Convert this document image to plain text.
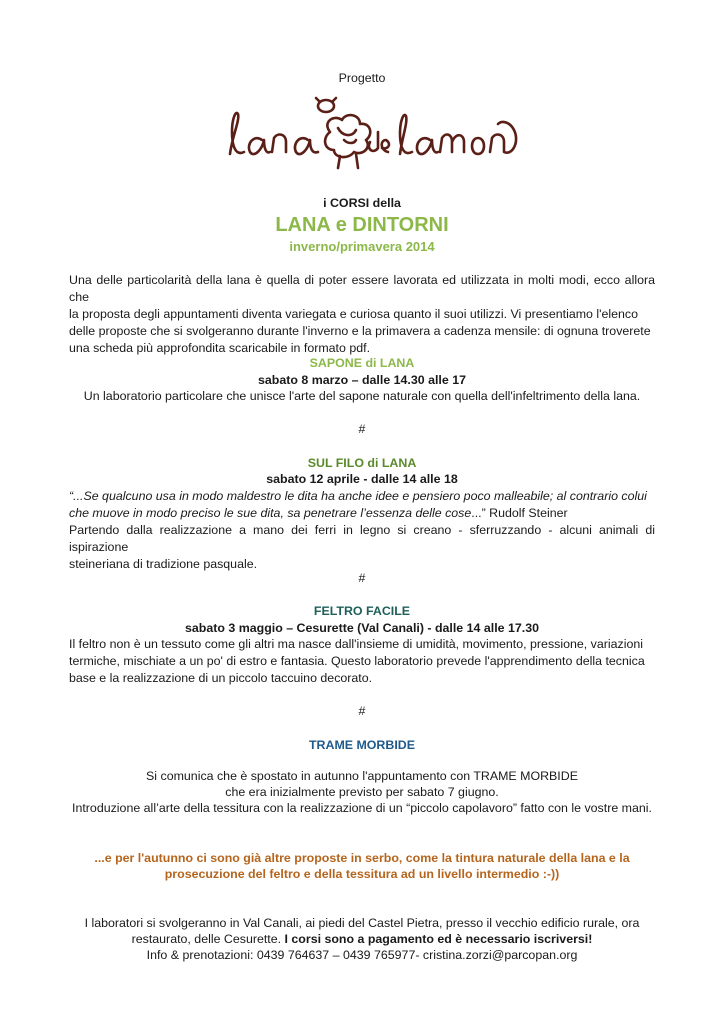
Progetto
i CORSI della
LANA e DINTORNI
inverno/primavera 2014
Una delle particolarità della lana è quella di poter essere lavorata ed utilizzata in molti modi, ecco allora che
la proposta degli appuntamenti diventa variegata e curiosa quanto il suoi utilizzi. Vi presentiamo l'elenco
delle proposte che si svolgeranno durante l'inverno e la primavera a cadenza mensile: di ognuna troverete
una scheda più approfondita scaricabile in formato pdf.
SAPONE di LANA
sabato 8 marzo – dalle 14.30 alle 17
Un laboratorio particolare che unisce l'arte del sapone naturale con quella dell'infeltrimento della lana.
#
SUL FILO di LANA
sabato 12 aprile - dalle 14 alle 18
“...Se qualcuno usa in modo maldestro le dita ha anche idee e pensiero poco malleabile; al contrario colui
che muove in modo preciso le sue dita, sa penetrare l’essenza delle cose...” Rudolf Steiner
Partendo dalla realizzazione a mano dei ferri in legno si creano - sferruzzando - alcuni animali di ispirazione
steineriana di tradizione pasquale.
#
FELTRO FACILE
sabato 3 maggio – Cesurette (Val Canali) - dalle 14 alle 17.30
Il feltro non è un tessuto come gli altri ma nasce dall'insieme di umidità, movimento, pressione, variazioni
termiche, mischiate a un po' di estro e fantasia. Questo laboratorio prevede l'apprendimento della tecnica
base e la realizzazione di un piccolo taccuino decorato.
#
TRAME MORBIDE
Si comunica che è spostato in autunno l'appuntamento con TRAME MORBIDE
che era inizialmente previsto per sabato 7 giugno.
Introduzione all’arte della tessitura con la realizzazione di un “piccolo capolavoro” fatto con le vostre mani.
...e per l'autunno ci sono già altre proposte in serbo, come la tintura naturale della lana e la
prosecuzione del feltro e della tessitura ad un livello intermedio :-))
I laboratori si svolgeranno in Val Canali, ai piedi del Castel Pietra, presso il vecchio edificio rurale, ora
restaurato, delle Cesurette. I corsi sono a pagamento ed è necessario iscriversi!
Info & prenotazioni: 0439 764637 – 0439 765977- cristina.zorzi@parcopan.org
